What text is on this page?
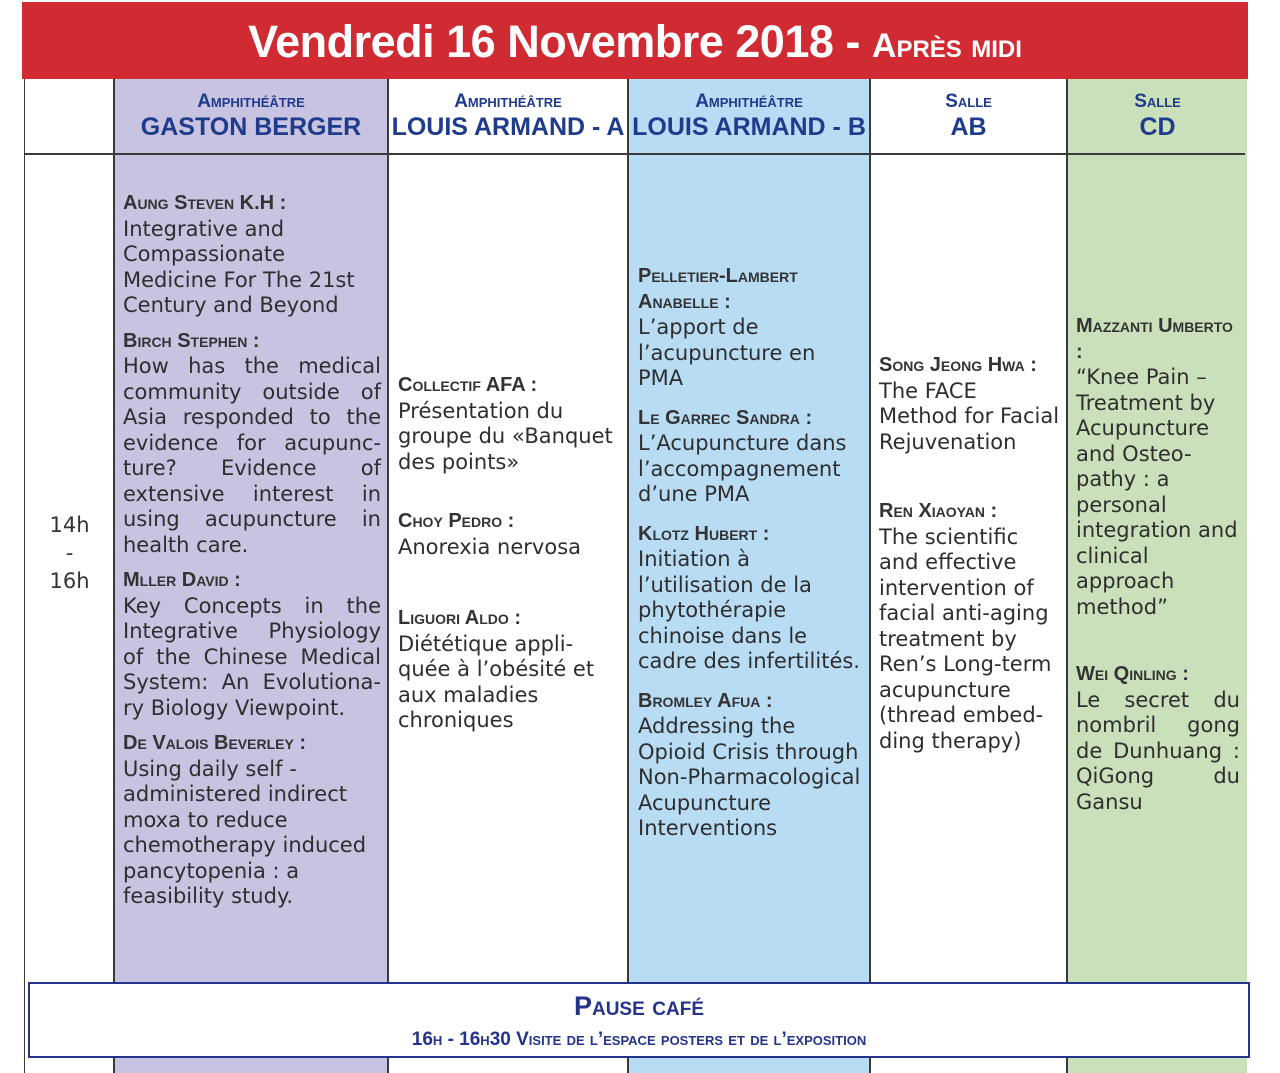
Vendredi 16 Novembre 2018 - Après midi
Amphithéâtre
GASTON BERGER
Amphithéâtre
LOUIS ARMAND - A
Amphithéâtre
LOUIS ARMAND - B
Salle
AB
Salle
CD
14h
-
16h
Aung Steven K.H :
Integrative and Compassionate Medicine For The 21st Century and Beyond
Birch Stephen :
How has the medical community outside of Asia responded to the evidence for acupunc-ture? Evidence of extensive interest in using acupuncture in health care.
Mller David :
Key Concepts in the Integrative Physiology of the Chinese Medical System: An Evolutiona-ry Biology Viewpoint.
De Valois Beverley :
Using daily self - administered indirect moxa to reduce chemotherapy induced pancytopenia : a feasibility study.
Collectif AFA :
Présentation du groupe du «Banquet des points»
Choy Pedro :
Anorexia nervosa
Liguori Aldo :
Diététique appli-quée à l’obésité et aux maladies chroniques
Pelletier-Lambert Anabelle :
L’apport de l’acupuncture en PMA
Le Garrec Sandra :
L’Acupuncture dans l’accompagnement d’une PMA
Klotz Hubert :
Initiation à l’utilisation de la phytothérapie chinoise dans le cadre des infertilités.
Bromley Afua :
Addressing the Opioid Crisis through Non-Pharmacological Acupuncture Interventions
Song Jeong Hwa :
The FACE Method for Facial Rejuvenation
Ren Xiaoyan :
The scientific and effective intervention of facial anti-aging treatment by Ren’s Long-term acupuncture (thread embed-ding therapy)
Mazzanti Umberto :
“Knee Pain – Treatment by Acupuncture and Osteo-pathy : a personal integration and clinical approach method”
Wei Qinling :
Le secret du nombril gong de Dunhuang : QiGong du Gansu
Pause café
16h - 16h30 Visite de l’espace posters et de l’exposition
